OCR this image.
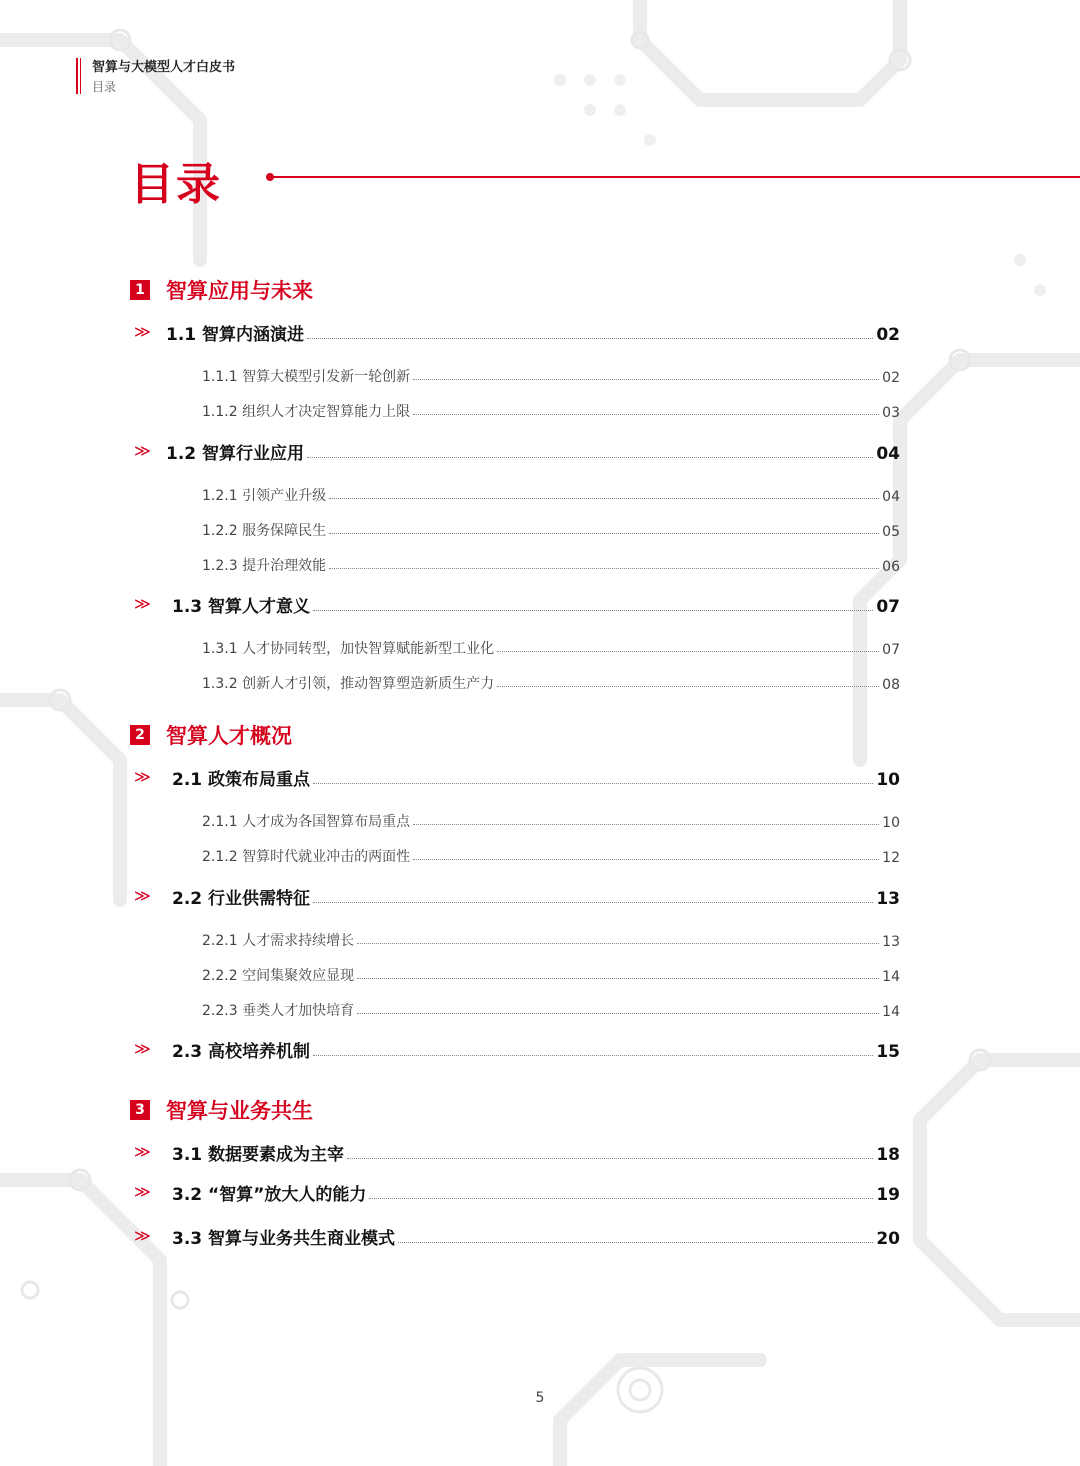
智算与大模型人才白皮书
目录
目录
1 智算应用与未来
≫ 1.1 智算内涵演进	02
1.1.1 智算大模型引发新一轮创新	02
1.1.2 组织人才决定智算能力上限	03
≫ 1.2 智算行业应用	04
1.2.1 引领产业升级	04
1.2.2 服务保障民生	05
1.2.3 提升治理效能	06
≫ 1.3 智算人才意义	07
1.3.1 人才协同转型，加快智算赋能新型工业化	07
1.3.2 创新人才引领，推动智算塑造新质生产力	08
2 智算人才概况
≫ 2.1 政策布局重点	10
2.1.1 人才成为各国智算布局重点	10
2.1.2 智算时代就业冲击的两面性	12
≫ 2.2 行业供需特征	13
2.2.1 人才需求持续增长	13
2.2.2 空间集聚效应显现	14
2.2.3 垂类人才加快培育	14
≫ 2.3 高校培养机制	15
3 智算与业务共生
≫ 3.1 数据要素成为主宰	18
≫ 3.2 “智算”放大人的能力	19
≫ 3.3 智算与业务共生商业模式	20
5
